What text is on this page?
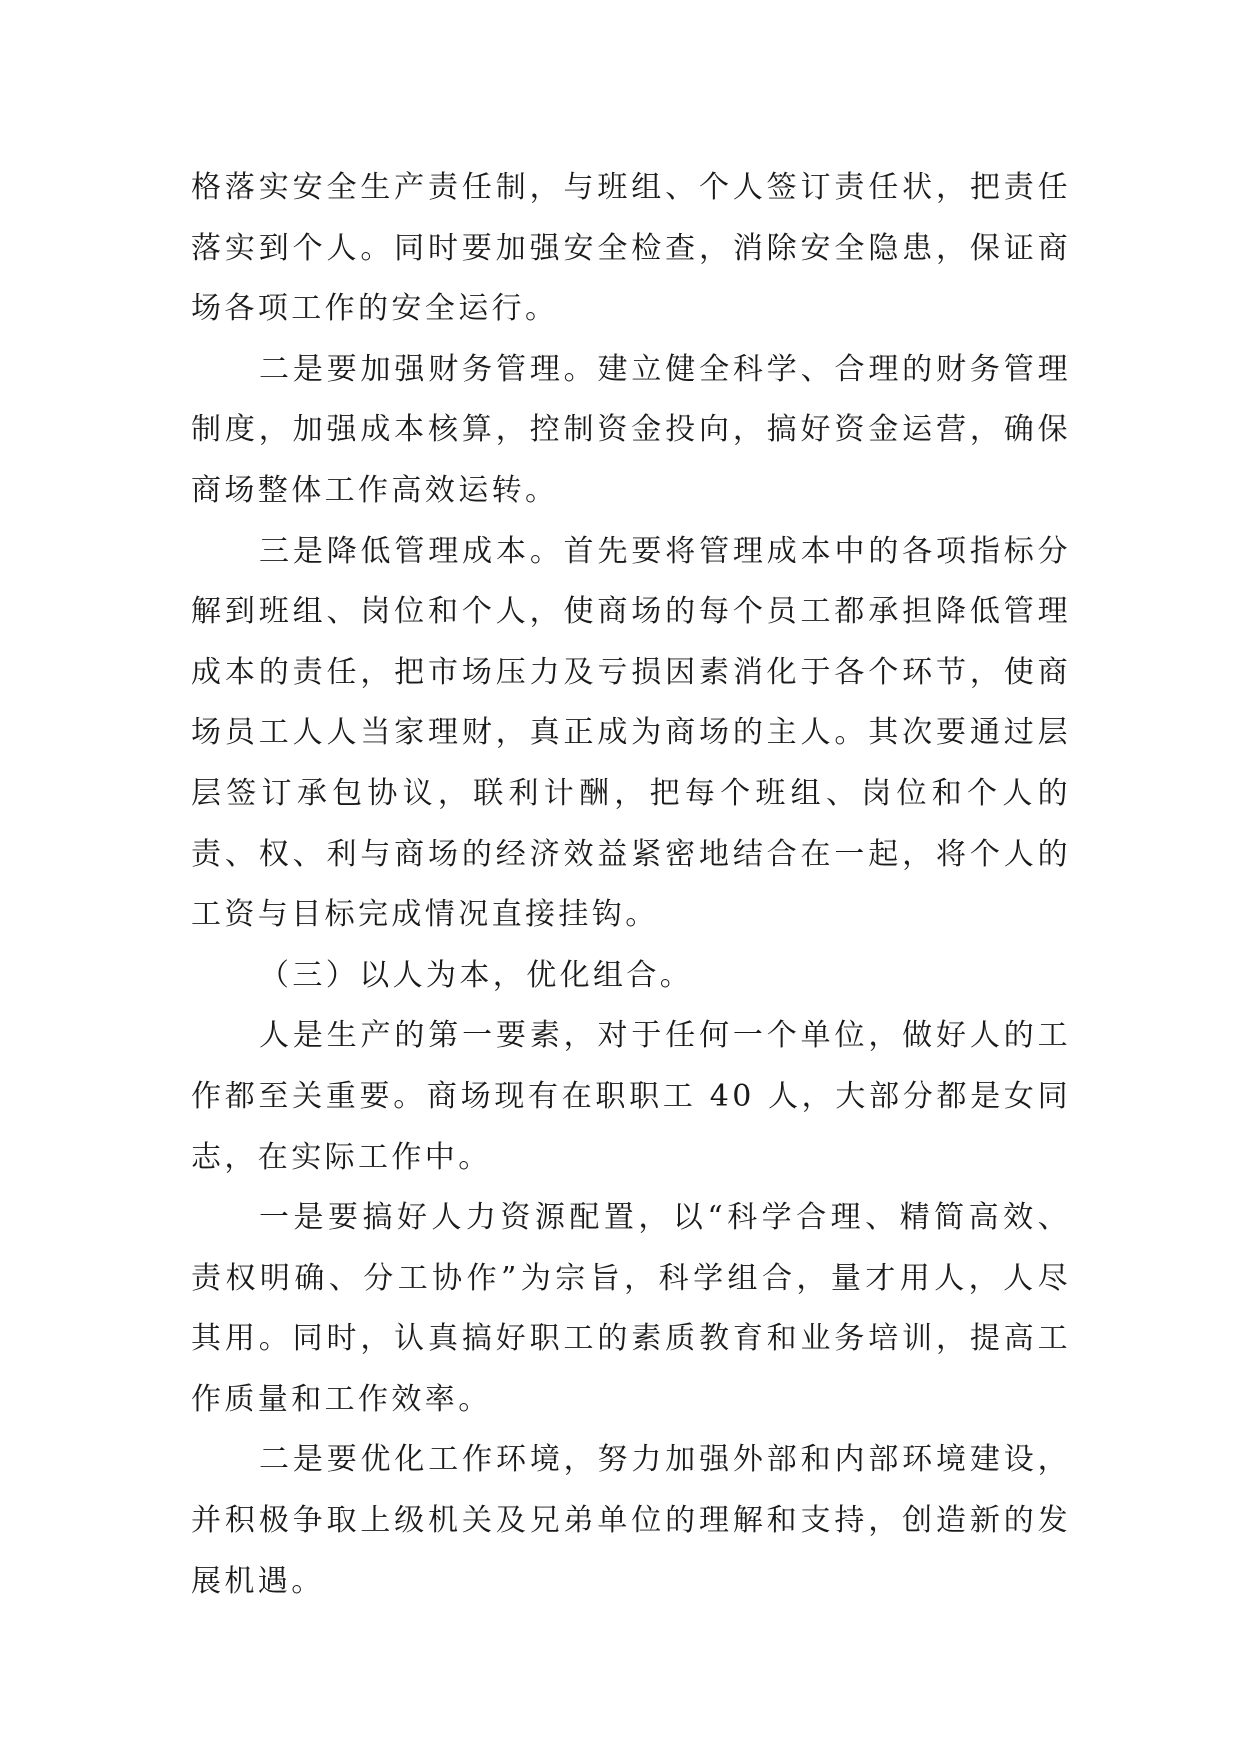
格落实安全生产责任制，与班组、个人签订责任状，把责任落实到个人。同时要加强安全检查，消除安全隐患，保证商场各项工作的安全运行。

二是要加强财务管理。建立健全科学、合理的财务管理制度，加强成本核算，控制资金投向，搞好资金运营，确保商场整体工作高效运转。

三是降低管理成本。首先要将管理成本中的各项指标分解到班组、岗位和个人，使商场的每个员工都承担降低管理成本的责任，把市场压力及亏损因素消化于各个环节，使商场员工人人当家理财，真正成为商场的主人。其次要通过层层签订承包协议，联利计酬，把每个班组、岗位和个人的责、权、利与商场的经济效益紧密地结合在一起，将个人的工资与目标完成情况直接挂钩。

（三）以人为本，优化组合。

人是生产的第一要素，对于任何一个单位，做好人的工作都至关重要。商场现有在职职工 40 人，大部分都是女同志，在实际工作中。

一是要搞好人力资源配置，以“科学合理、精简高效、责权明确、分工协作”为宗旨，科学组合，量才用人，人尽其用。同时，认真搞好职工的素质教育和业务培训，提高工作质量和工作效率。

二是要优化工作环境，努力加强外部和内部环境建设，并积极争取上级机关及兄弟单位的理解和支持，创造新的发展机遇。
